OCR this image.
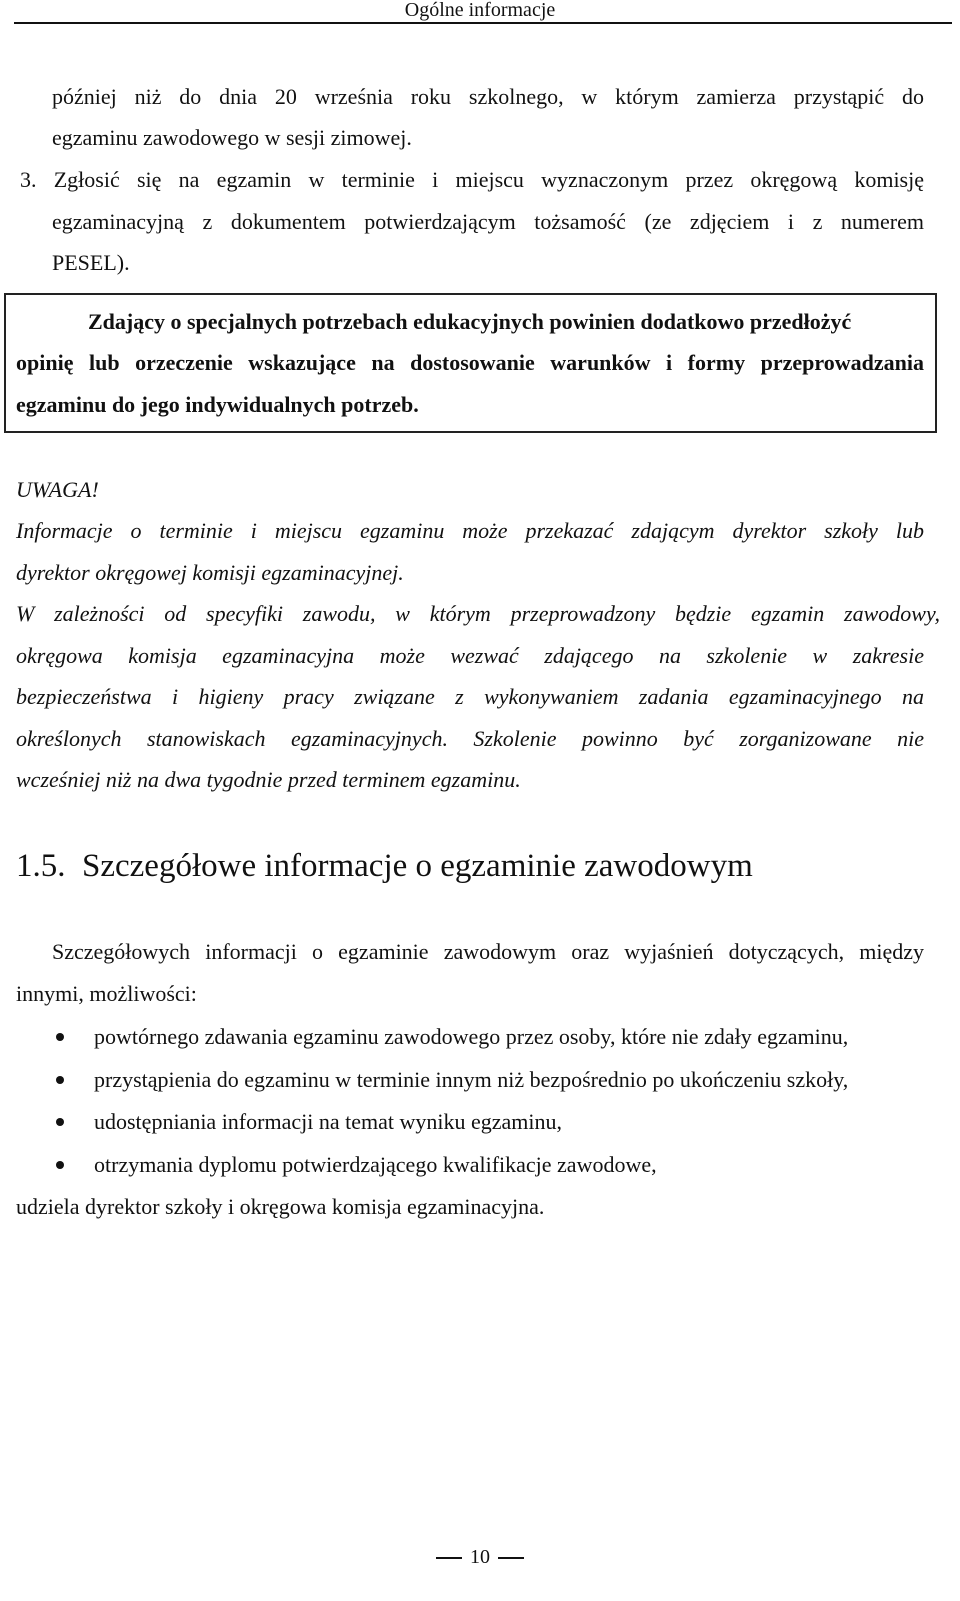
Ogólne informacje
później niż do dnia 20 września roku szkolnego, w którym zamierza przystąpić do
egzaminu zawodowego w sesji zimowej.
3. Zgłosić się na egzamin w terminie i miejscu wyznaczonym przez okręgową komisję
egzaminacyjną z dokumentem potwierdzającym tożsamość (ze zdjęciem i z numerem
PESEL).
Zdający o specjalnych potrzebach edukacyjnych powinien dodatkowo przedłożyć
opinię lub orzeczenie wskazujące na dostosowanie warunków i formy przeprowadzania
egzaminu do jego indywidualnych potrzeb.
UWAGA!
Informacje o terminie i miejscu egzaminu może przekazać zdającym dyrektor szkoły lub
dyrektor okręgowej komisji egzaminacyjnej.
W zależności od specyfiki zawodu, w którym przeprowadzony będzie egzamin zawodowy,
okręgowa komisja egzaminacyjna może wezwać zdającego na szkolenie w zakresie
bezpieczeństwa i higieny pracy związane z wykonywaniem zadania egzaminacyjnego na
określonych stanowiskach egzaminacyjnych. Szkolenie powinno być zorganizowane nie
wcześniej niż na dwa tygodnie przed terminem egzaminu.
1.5. Szczegółowe informacje o egzaminie zawodowym
Szczegółowych informacji o egzaminie zawodowym oraz wyjaśnień dotyczących, między
innymi, możliwości:
powtórnego zdawania egzaminu zawodowego przez osoby, które nie zdały egzaminu,
przystąpienia do egzaminu w terminie innym niż bezpośrednio po ukończeniu szkoły,
udostępniania informacji na temat wyniku egzaminu,
otrzymania dyplomu potwierdzającego kwalifikacje zawodowe,
udziela dyrektor szkoły i okręgowa komisja egzaminacyjna.
10
